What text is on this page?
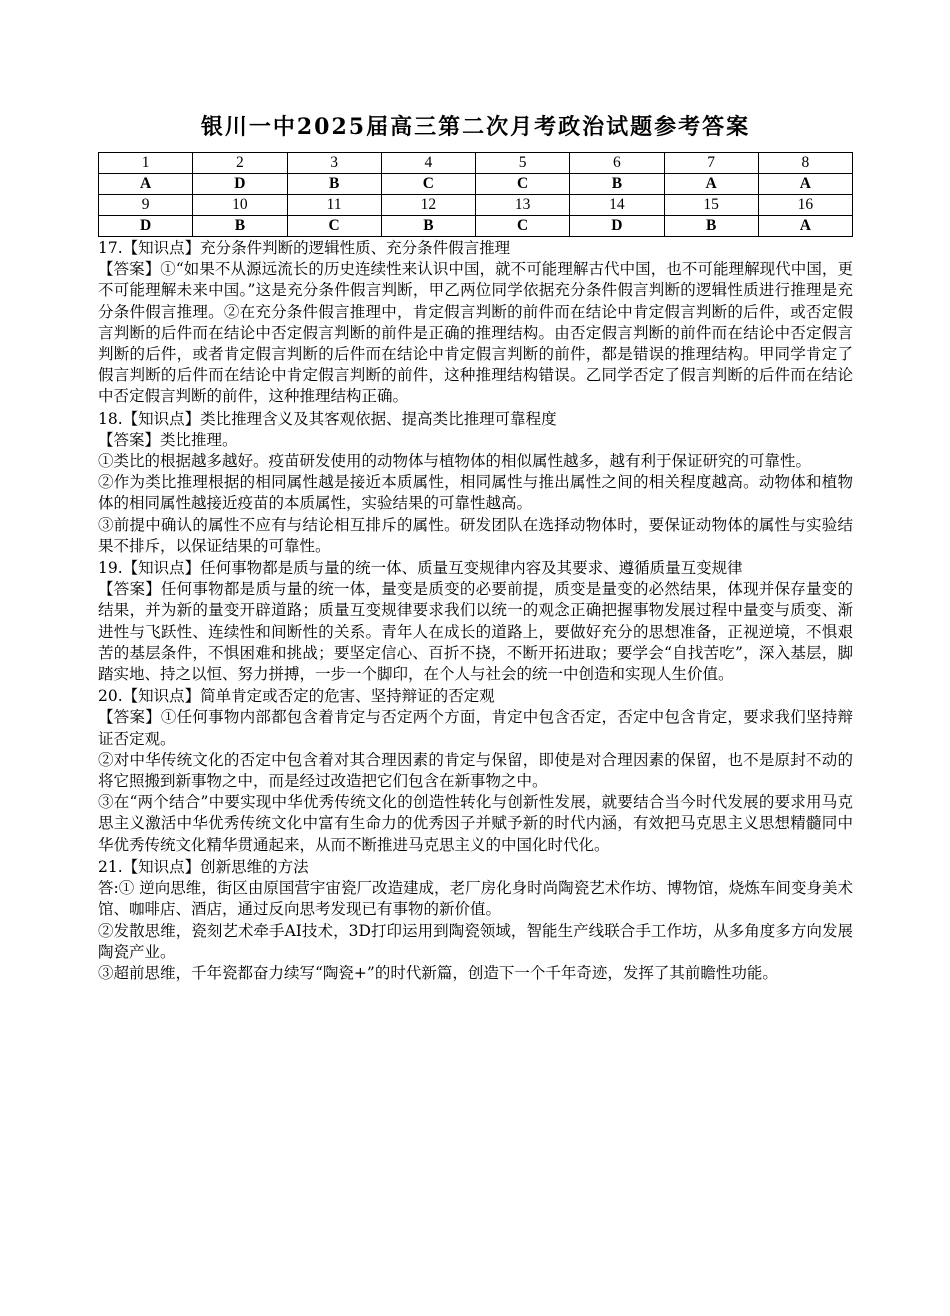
银川一中2025届高三第二次月考政治试题参考答案
1	2	3	4	5	6	7	8
A	D	B	C	C	B	A	A
9	10	11	12	13	14	15	16
D	B	C	B	C	D	B	A

17.【知识点】充分条件判断的逻辑性质、充分条件假言推理

【答案】①“如果不从源远流长的历史连续性来认识中国，就不可能理解古代中国，也不可能理解现代中国，更不可能理解未来中国。”这是充分条件假言判断，甲乙两位同学依据充分条件假言判断的逻辑性质进行推理是充分条件假言推理。②在充分条件假言推理中，肯定假言判断的前件而在结论中肯定假言判断的后件，或否定假言判断的后件而在结论中否定假言判断的前件是正确的推理结构。由否定假言判断的前件而在结论中否定假言判断的后件，或者肯定假言判断的后件而在结论中肯定假言判断的前件，都是错误的推理结构。甲同学肯定了假言判断的后件而在结论中肯定假言判断的前件，这种推理结构错误。乙同学否定了假言判断的后件而在结论中否定假言判断的前件，这种推理结构正确。

18.【知识点】类比推理含义及其客观依据、提高类比推理可靠程度

【答案】类比推理。

①类比的根据越多越好。疫苗研发使用的动物体与植物体的相似属性越多，越有利于保证研究的可靠性。

②作为类比推理根据的相同属性越是接近本质属性，相同属性与推出属性之间的相关程度越高。动物体和植物体的相同属性越接近疫苗的本质属性，实验结果的可靠性越高。

③前提中确认的属性不应有与结论相互排斥的属性。研发团队在选择动物体时，要保证动物体的属性与实验结果不排斥，以保证结果的可靠性。

19.【知识点】任何事物都是质与量的统一体、质量互变规律内容及其要求、遵循质量互变规律

【答案】任何事物都是质与量的统一体，量变是质变的必要前提，质变是量变的必然结果，体现并保存量变的结果，并为新的量变开辟道路；质量互变规律要求我们以统一的观念正确把握事物发展过程中量变与质变、渐进性与飞跃性、连续性和间断性的关系。青年人在成长的道路上，要做好充分的思想准备，正视逆境，不惧艰苦的基层条件，不惧困难和挑战；要坚定信心、百折不挠，不断开拓进取；要学会“自找苦吃”，深入基层，脚踏实地、持之以恒、努力拼搏，一步一个脚印，在个人与社会的统一中创造和实现人生价值。

20.【知识点】简单肯定或否定的危害、坚持辩证的否定观

【答案】①任何事物内部都包含着肯定与否定两个方面，肯定中包含否定，否定中包含肯定，要求我们坚持辩证否定观。

②对中华传统文化的否定中包含着对其合理因素的肯定与保留，即使是对合理因素的保留，也不是原封不动的将它照搬到新事物之中，而是经过改造把它们包含在新事物之中。

③在“两个结合”中要实现中华优秀传统文化的创造性转化与创新性发展，就要结合当今时代发展的要求用马克思主义激活中华优秀传统文化中富有生命力的优秀因子并赋予新的时代内涵，有效把马克思主义思想精髓同中华优秀传统文化精华贯通起来，从而不断推进马克思主义的中国化时代化。

21.【知识点】创新思维的方法

答:① 逆向思维，街区由原国营宇宙瓷厂改造建成，老厂房化身时尚陶瓷艺术作坊、博物馆，烧炼车间变身美术馆、咖啡店、酒店，通过反向思考发现已有事物的新价值。

②发散思维，瓷刻艺术牵手AI技术，3D打印运用到陶瓷领域，智能生产线联合手工作坊，从多角度多方向发展陶瓷产业。

③超前思维，千年瓷都奋力续写“陶瓷+”的时代新篇，创造下一个千年奇迹，发挥了其前瞻性功能。
